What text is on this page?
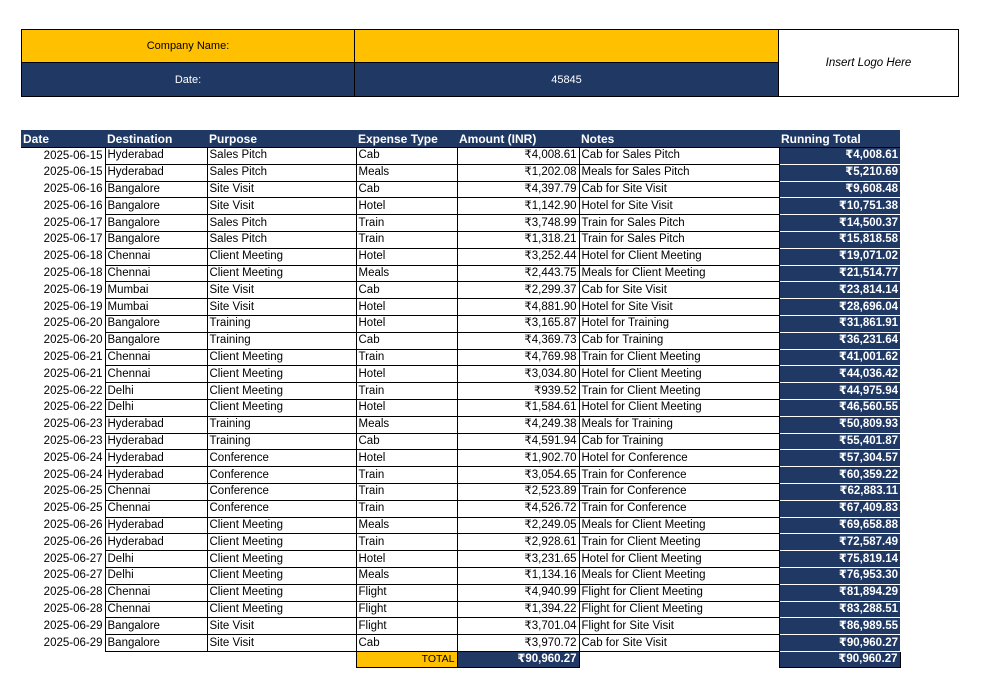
Company Name:		Insert Logo Here
Date:	45845	
Date	Destination	Purpose	Expense Type	Amount (INR)	Notes	Running Total
2025-06-15	Hyderabad	Sales Pitch	Cab	₹4,008.61	Cab for Sales Pitch	₹4,008.61
2025-06-15	Hyderabad	Sales Pitch	Meals	₹1,202.08	Meals for Sales Pitch	₹5,210.69
2025-06-16	Bangalore	Site Visit	Cab	₹4,397.79	Cab for Site Visit	₹9,608.48
2025-06-16	Bangalore	Site Visit	Hotel	₹1,142.90	Hotel for Site Visit	₹10,751.38
2025-06-17	Bangalore	Sales Pitch	Train	₹3,748.99	Train for Sales Pitch	₹14,500.37
2025-06-17	Bangalore	Sales Pitch	Train	₹1,318.21	Train for Sales Pitch	₹15,818.58
2025-06-18	Chennai	Client Meeting	Hotel	₹3,252.44	Hotel for Client Meeting	₹19,071.02
2025-06-18	Chennai	Client Meeting	Meals	₹2,443.75	Meals for Client Meeting	₹21,514.77
2025-06-19	Mumbai	Site Visit	Cab	₹2,299.37	Cab for Site Visit	₹23,814.14
2025-06-19	Mumbai	Site Visit	Hotel	₹4,881.90	Hotel for Site Visit	₹28,696.04
2025-06-20	Bangalore	Training	Hotel	₹3,165.87	Hotel for Training	₹31,861.91
2025-06-20	Bangalore	Training	Cab	₹4,369.73	Cab for Training	₹36,231.64
2025-06-21	Chennai	Client Meeting	Train	₹4,769.98	Train for Client Meeting	₹41,001.62
2025-06-21	Chennai	Client Meeting	Hotel	₹3,034.80	Hotel for Client Meeting	₹44,036.42
2025-06-22	Delhi	Client Meeting	Train	₹939.52	Train for Client Meeting	₹44,975.94
2025-06-22	Delhi	Client Meeting	Hotel	₹1,584.61	Hotel for Client Meeting	₹46,560.55
2025-06-23	Hyderabad	Training	Meals	₹4,249.38	Meals for Training	₹50,809.93
2025-06-23	Hyderabad	Training	Cab	₹4,591.94	Cab for Training	₹55,401.87
2025-06-24	Hyderabad	Conference	Hotel	₹1,902.70	Hotel for Conference	₹57,304.57
2025-06-24	Hyderabad	Conference	Train	₹3,054.65	Train for Conference	₹60,359.22
2025-06-25	Chennai	Conference	Train	₹2,523.89	Train for Conference	₹62,883.11
2025-06-25	Chennai	Conference	Train	₹4,526.72	Train for Conference	₹67,409.83
2025-06-26	Hyderabad	Client Meeting	Meals	₹2,249.05	Meals for Client Meeting	₹69,658.88
2025-06-26	Hyderabad	Client Meeting	Train	₹2,928.61	Train for Client Meeting	₹72,587.49
2025-06-27	Delhi	Client Meeting	Hotel	₹3,231.65	Hotel for Client Meeting	₹75,819.14
2025-06-27	Delhi	Client Meeting	Meals	₹1,134.16	Meals for Client Meeting	₹76,953.30
2025-06-28	Chennai	Client Meeting	Flight	₹4,940.99	Flight for Client Meeting	₹81,894.29
2025-06-28	Chennai	Client Meeting	Flight	₹1,394.22	Flight for Client Meeting	₹83,288.51
2025-06-29	Bangalore	Site Visit	Flight	₹3,701.04	Flight for Site Visit	₹86,989.55
2025-06-29	Bangalore	Site Visit	Cab	₹3,970.72	Cab for Site Visit	₹90,960.27
			TOTAL	₹90,960.27		₹90,960.27
